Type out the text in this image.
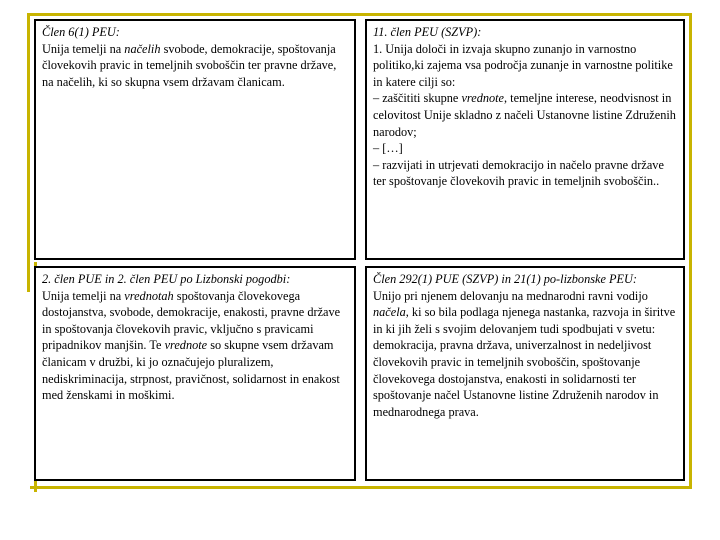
Člen 6(1) PEU:
Unija temelji na načelih svobode, demokracije, spoštovanja človekovih pravic in temeljnih svoboščin ter pravne države, na načelih, ki so skupna vsem državam članicam.
11. člen PEU (SZVP):
1. Unija določi in izvaja skupno zunanjo in varnostno politiko,ki zajema vsa področja zunanje in varnostne politike in katere cilji so:
– zaščititi skupne vrednote, temeljne interese, neodvisnost in celovitost Unije skladno z načeli Ustanovne listine Združenih narodov;
– […]
– razvijati in utrjevati demokracijo in načelo pravne države ter spoštovanje človekovih pravic in temeljnih svoboščin..
2. člen PUE in 2. člen PEU po Lizbonski pogodbi:
Unija temelji na vrednotah spoštovanja človekovega dostojanstva, svobode, demokracije, enakosti, pravne države in spoštovanja človekovih pravic, vključno s pravicami pripadnikov manjšin. Te vrednote so skupne vsem državam članicam v družbi, ki jo označujejo pluralizem, nediskriminacija, strpnost, pravičnost, solidarnost in enakost med ženskami in moškimi.
Člen 292(1) PUE (SZVP) in 21(1) po-lizbonske PEU:
Unijo pri njenem delovanju na mednarodni ravni vodijo načela, ki so bila podlaga njenega nastanka, razvoja in širitve in ki jih želi s svojim delovanjem tudi spodbujati v svetu: demokracija, pravna država, univerzalnost in nedeljivost človekovih pravic in temeljnih svoboščin, spoštovanje človekovega dostojanstva, enakosti in solidarnosti ter spoštovanje načel Ustanovne listine Združenih narodov in mednarodnega prava.
